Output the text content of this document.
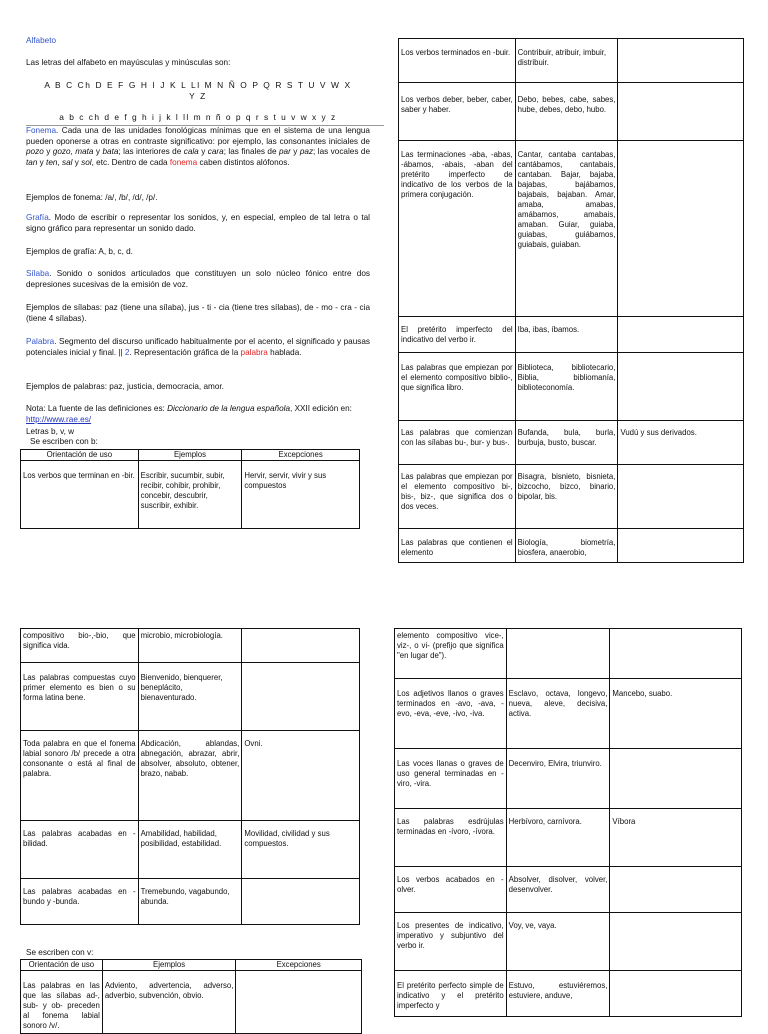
Alfabeto
Las letras del alfabeto en mayúsculas y minúsculas son:
A B C Ch D E F G H I J K L Ll M N Ñ O P Q R S T U V W X
Y Z
a b c ch d e f g h i j k l ll m n ñ o p q r s t u v w x y z
Fonema. Cada una de las unidades fonológicas mínimas que en el sistema de una lengua pueden oponerse a otras en contraste significativo: por ejemplo, las consonantes iniciales de pozo y gozo, mata y bata; las interiores de cala y cara; las finales de par y paz; las vocales de tan y ten, sal y sol, etc. Dentro de cada fonema caben distintos alófonos.
Ejemplos de fonema: /a/, /b/, /d/, /p/.
Grafía. Modo de escribir o representar los sonidos, y, en especial, empleo de tal letra o tal signo gráfico para representar un sonido dado.
Ejemplos de grafía: A, b, c, d.
Sílaba. Sonido o sonidos articulados que constituyen un solo núcleo fónico entre dos depresiones sucesivas de la emisión de voz.
Ejemplos de sílabas: paz (tiene una sílaba), jus - ti - cia (tiene tres sílabas), de - mo - cra - cia (tiene 4 sílabas).
Palabra. Segmento del discurso unificado habitualmente por el acento, el significado y pausas potenciales inicial y final. || 2. Representación gráfica de la palabra hablada.
Ejemplos de palabras: paz, justicia, democracia, amor.
Nota: La fuente de las definiciones es: Diccionario de la lengua española, XXII edición en: http://www.rae.es/
Letras b, v, w
Se escriben con b:
Orientación de uso	Ejemplos	Excepciones
Los verbos que terminan en -bir.	Escribir, sucumbir, subir, recibir, cohibir, prohibir, concebir, descubrir, suscribir, exhibir.	Hervir, servir, vivir y sus compuestos
Los verbos terminados en -buir.	Contribuir, atribuir, imbuir, distribuir.	
Los verbos deber, beber, caber, saber y haber.	Debo, bebes, cabe, sabes, hube, debes, debo, hubo.	
Las terminaciones -aba, -abas, -ábamos, -abais, -aban del pretérito imperfecto de indicativo de los verbos de la primera conjugación.	Cantar, cantaba cantabas, cantábamos, cantabais, cantaban. Bajar, bajaba, bajabas, bajábamos, bajabais, bajaban. Amar, amaba, amabas, amábamos, amabais, amaban. Guiar, guiaba, guiabas, guiábamos, guiabais, guiaban.	
El pretérito imperfecto del indicativo del verbo ir.	Iba, ibas, íbamos.	
Las palabras que empiezan por el elemento compositivo biblio-, que significa libro.	Biblioteca, bibliotecario, Biblia, bibliomanía, biblioteconomía.	
Las palabras que comienzan con las sílabas bu-, bur- y bus-.	Bufanda, bula, burla, burbuja, busto, buscar.	Vudú y sus derivados.
Las palabras que empiezan por el elemento compositivo bi-, bis-, biz-, que significa dos o dos veces.	Bisagra, bisnieto, bisnieta, bizcocho, bizco, binario, bipolar, bis.	
Las palabras que contienen el elemento	Biología, biometría, biosfera, anaerobio,	
compositivo bio-,-bio, que significa vida.	microbio, microbiología.	
Las palabras compuestas cuyo primer elemento es bien o su forma latina bene.	Bienvenido, bienquerer, beneplácito, bienaventurado.	
Toda palabra en que el fonema labial sonoro /b/ precede a otra consonante o está al final de palabra.	Abdicación, ablandas, abnegación, abrazar, abrir, absolver, absoluto, obtener, brazo, nabab.	Ovni.
Las palabras acabadas en -bilidad.	Amabilidad, habilidad, posibilidad, estabilidad.	Movilidad, civilidad y sus compuestos.
Las palabras acabadas en -bundo y -bunda.	Tremebundo, vagabundo, abunda.	
Se escriben con v:
Orientación de uso	Ejemplos	Excepciones
Las palabras en las que las sílabas ad-, sub- y ob- preceden al fonema labial sonoro /v/.	Adviento, advertencia, adverso, adverbio, subvención, obvio.	
elemento compositivo vice-, viz-, o vi- (prefijo que significa "en lugar de").		
Los adjetivos llanos o graves terminados en -avo, -ava, -evo, -eva, -eve, -ivo, -iva.	Esclavo, octava, longevo, nueva, aleve, decisiva, activa.	Mancebo, suabo.
Las voces llanas o graves de uso general terminadas en -viro, -vira.	Decenviro, Elvira, triunviro.	
Las palabras esdrújulas terminadas en -ívoro, -ívora.	Herbívoro, carnívora.	Víbora
Los verbos acabados en -olver.	Absolver, disolver, volver, desenvolver.	
Los presentes de indicativo, imperativo y subjuntivo del verbo ir.	Voy, ve, vaya.	
El pretérito perfecto simple de indicativo y el pretérito imperfecto y	Estuvo, estuviéremos, estuviere, anduve,	
